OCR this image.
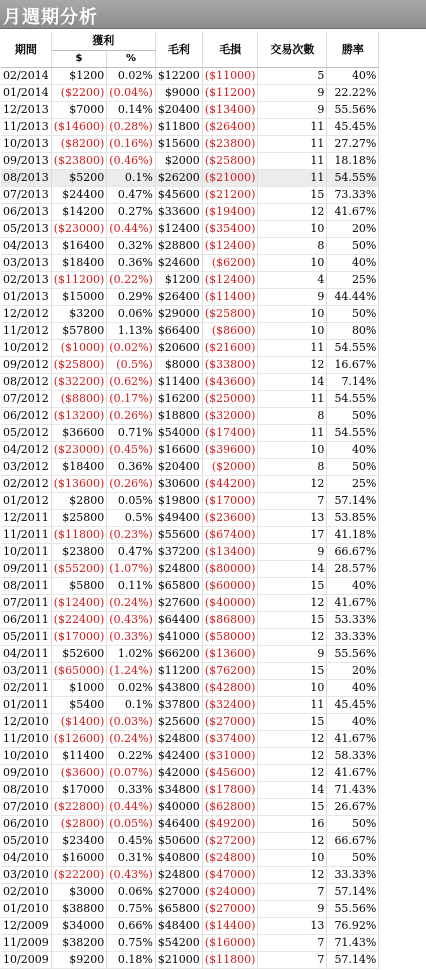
月週期分析
期間	獲利		毛利	毛損	交易次數	勝率
	$	%				
02/2014	$1200	0.02%	$12200	($11000)	5	40%
01/2014	($2200)	(0.04%)	$9000	($11200)	9	22.22%
12/2013	$7000	0.14%	$20400	($13400)	9	55.56%
11/2013	($14600)	(0.28%)	$11800	($26400)	11	45.45%
10/2013	($8200)	(0.16%)	$15600	($23800)	11	27.27%
09/2013	($23800)	(0.46%)	$2000	($25800)	11	18.18%
08/2013	$5200	0.1%	$26200	($21000)	11	54.55%
07/2013	$24400	0.47%	$45600	($21200)	15	73.33%
06/2013	$14200	0.27%	$33600	($19400)	12	41.67%
05/2013	($23000)	(0.44%)	$12400	($35400)	10	20%
04/2013	$16400	0.32%	$28800	($12400)	8	50%
03/2013	$18400	0.36%	$24600	($6200)	10	40%
02/2013	($11200)	(0.22%)	$1200	($12400)	4	25%
01/2013	$15000	0.29%	$26400	($11400)	9	44.44%
12/2012	$3200	0.06%	$29000	($25800)	10	50%
11/2012	$57800	1.13%	$66400	($8600)	10	80%
10/2012	($1000)	(0.02%)	$20600	($21600)	11	54.55%
09/2012	($25800)	(0.5%)	$8000	($33800)	12	16.67%
08/2012	($32200)	(0.62%)	$11400	($43600)	14	7.14%
07/2012	($8800)	(0.17%)	$16200	($25000)	11	54.55%
06/2012	($13200)	(0.26%)	$18800	($32000)	8	50%
05/2012	$36600	0.71%	$54000	($17400)	11	54.55%
04/2012	($23000)	(0.45%)	$16600	($39600)	10	40%
03/2012	$18400	0.36%	$20400	($2000)	8	50%
02/2012	($13600)	(0.26%)	$30600	($44200)	12	25%
01/2012	$2800	0.05%	$19800	($17000)	7	57.14%
12/2011	$25800	0.5%	$49400	($23600)	13	53.85%
11/2011	($11800)	(0.23%)	$55600	($67400)	17	41.18%
10/2011	$23800	0.47%	$37200	($13400)	9	66.67%
09/2011	($55200)	(1.07%)	$24800	($80000)	14	28.57%
08/2011	$5800	0.11%	$65800	($60000)	15	40%
07/2011	($12400)	(0.24%)	$27600	($40000)	12	41.67%
06/2011	($22400)	(0.43%)	$64400	($86800)	15	53.33%
05/2011	($17000)	(0.33%)	$41000	($58000)	12	33.33%
04/2011	$52600	1.02%	$66200	($13600)	9	55.56%
03/2011	($65000)	(1.24%)	$11200	($76200)	15	20%
02/2011	$1000	0.02%	$43800	($42800)	10	40%
01/2011	$5400	0.1%	$37800	($32400)	11	45.45%
12/2010	($1400)	(0.03%)	$25600	($27000)	15	40%
11/2010	($12600)	(0.24%)	$24800	($37400)	12	41.67%
10/2010	$11400	0.22%	$42400	($31000)	12	58.33%
09/2010	($3600)	(0.07%)	$42000	($45600)	12	41.67%
08/2010	$17000	0.33%	$34800	($17800)	14	71.43%
07/2010	($22800)	(0.44%)	$40000	($62800)	15	26.67%
06/2010	($2800)	(0.05%)	$46400	($49200)	16	50%
05/2010	$23400	0.45%	$50600	($27200)	12	66.67%
04/2010	$16000	0.31%	$40800	($24800)	10	50%
03/2010	($22200)	(0.43%)	$24800	($47000)	12	33.33%
02/2010	$3000	0.06%	$27000	($24000)	7	57.14%
01/2010	$38800	0.75%	$65800	($27000)	9	55.56%
12/2009	$34000	0.66%	$48400	($14400)	13	76.92%
11/2009	$38200	0.75%	$54200	($16000)	7	71.43%
10/2009	$9200	0.18%	$21000	($11800)	7	57.14%
